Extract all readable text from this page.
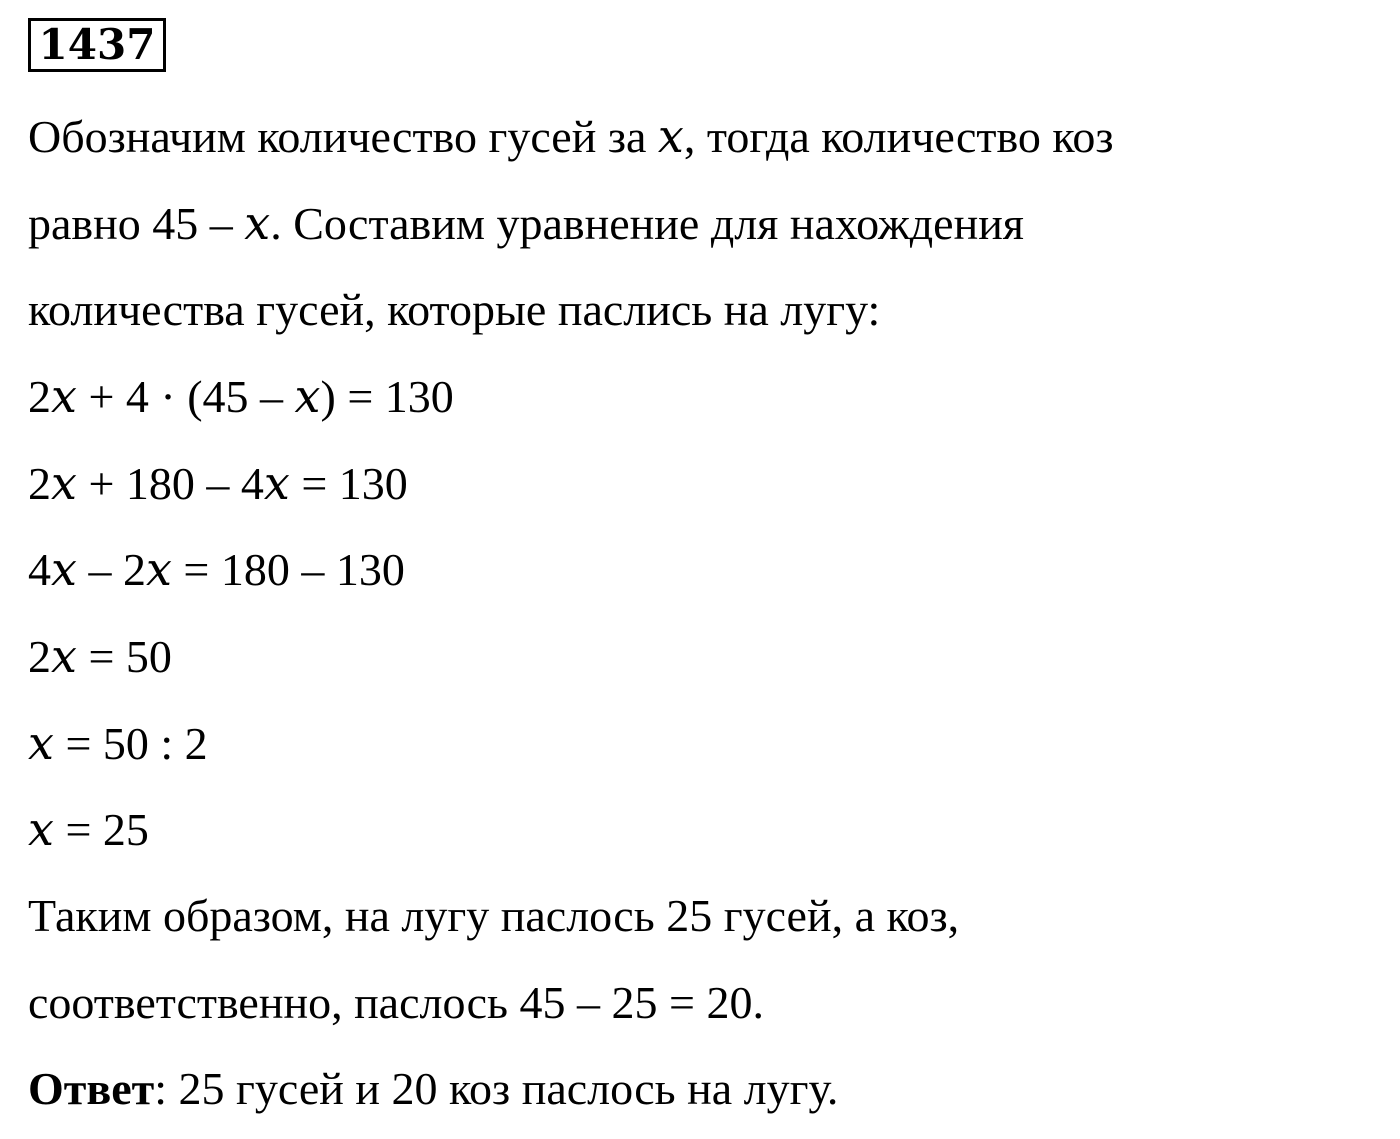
1437
Обозначим количество гусей за x, тогда количество коз
равно 45 – x. Составим уравнение для нахождения
количества гусей, которые паслись на лугу:
2x + 4 · (45 – x) = 130
2x + 180 – 4x = 130
4x – 2x = 180 – 130
2x = 50
x = 50 : 2
x = 25
Таким образом, на лугу паслось 25 гусей, а коз,
соответственно, паслось 45 – 25 = 20.
Ответ: 25 гусей и 20 коз паслось на лугу.
